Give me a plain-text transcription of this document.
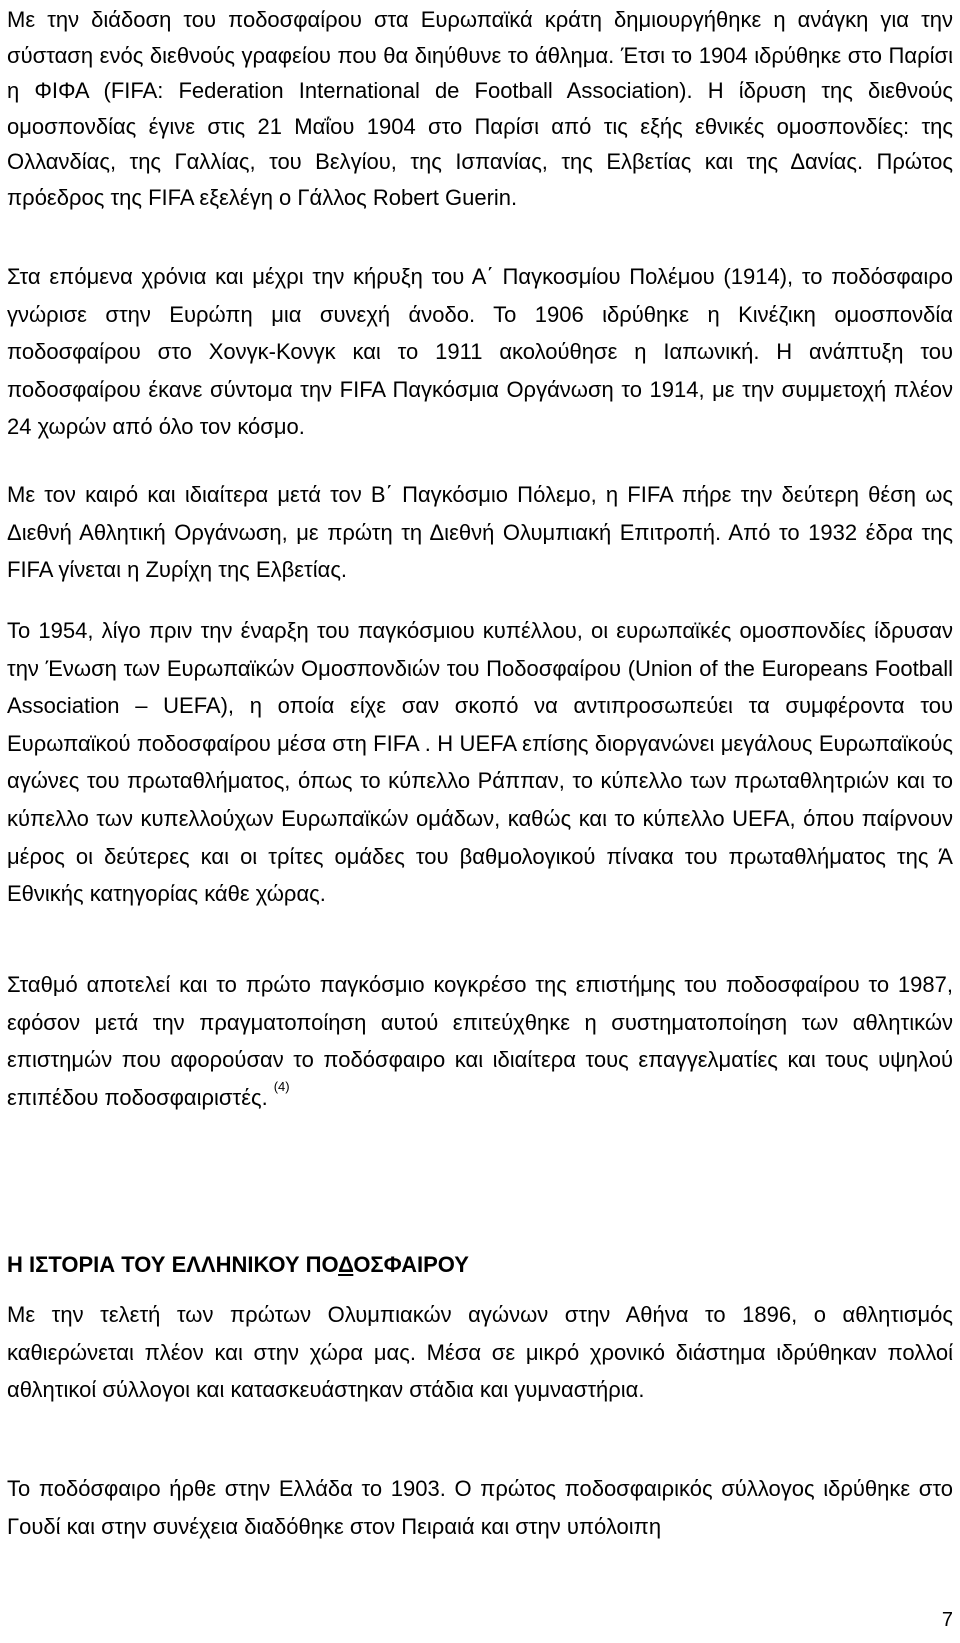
Με την διάδοση του ποδοσφαίρου στα Ευρωπαϊκά κράτη δημιουργήθηκε η ανάγκη για την σύσταση ενός διεθνούς γραφείου που θα διηύθυνε το άθλημα. Έτσι το 1904 ιδρύθηκε στο Παρίσι η ΦΙΦΑ (FIFA: Federation International de Football Association). Η ίδρυση της διεθνούς ομοσπονδίας έγινε στις 21 Μαΐου 1904 στο Παρίσι από τις εξής εθνικές ομοσπονδίες: της Ολλανδίας, της Γαλλίας, του Βελγίου, της Ισπανίας, της Ελβετίας και της Δανίας. Πρώτος πρόεδρος της FIFA εξελέγη ο Γάλλος Robert Guerin.

Στα επόμενα χρόνια και μέχρι την κήρυξη του Α΄ Παγκοσμίου Πολέμου (1914), το ποδόσφαιρο γνώρισε στην Ευρώπη μια συνεχή άνοδο. Το 1906 ιδρύθηκε η Κινέζικη ομοσπονδία ποδοσφαίρου στο Χονγκ-Κονγκ και το 1911 ακολούθησε η Ιαπωνική. Η ανάπτυξη του ποδοσφαίρου έκανε σύντομα την FIFA Παγκόσμια Οργάνωση το 1914, με την συμμετοχή πλέον 24 χωρών από όλο τον κόσμο.

Με τον καιρό και ιδιαίτερα μετά τον Β΄ Παγκόσμιο Πόλεμο, η FIFA πήρε την δεύτερη θέση ως Διεθνή Αθλητική Οργάνωση, με πρώτη τη Διεθνή Ολυμπιακή Επιτροπή. Από το 1932 έδρα της FIFA γίνεται η Ζυρίχη της Ελβετίας.

Το 1954, λίγο πριν την έναρξη του παγκόσμιου κυπέλλου, οι ευρωπαϊκές ομοσπονδίες ίδρυσαν την Ένωση των Ευρωπαϊκών Ομοσπονδιών του Ποδοσφαίρου (Union of the Europeans Football Association – UEFA), η οποία είχε σαν σκοπό να αντιπροσωπεύει τα συμφέροντα του Ευρωπαϊκού ποδοσφαίρου μέσα στη FIFA . Η UEFA επίσης διοργανώνει μεγάλους Ευρωπαϊκούς αγώνες του πρωταθλήματος, όπως το κύπελλο Ράππαν, το κύπελλο των πρωταθλητριών και το κύπελλο των κυπελλούχων Ευρωπαϊκών ομάδων, καθώς και το κύπελλο UEFA, όπου παίρνουν μέρος οι δεύτερες και οι τρίτες ομάδες του βαθμολογικού πίνακα του πρωταθλήματος της Ά Εθνικής κατηγορίας κάθε χώρας.

Σταθμό αποτελεί και το πρώτο παγκόσμιο κογκρέσο της επιστήμης του ποδοσφαίρου το 1987, εφόσον μετά την πραγματοποίηση αυτού επιτεύχθηκε η συστηματοποίηση των αθλητικών επιστημών που αφορούσαν το ποδόσφαιρο και ιδιαίτερα τους επαγγελματίες και τους υψηλού επιπέδου ποδοσφαιριστές. $^{(4)}$

Η ΙΣΤΟΡΙΑ ΤΟΥ ΕΛΛΗΝΙΚΟΥ ΠΟΔΟΣΦΑΙΡΟΥ

Με την τελετή των πρώτων Ολυμπιακών αγώνων στην Αθήνα το 1896, ο αθλητισμός καθιερώνεται πλέον και στην χώρα μας. Μέσα σε μικρό χρονικό διάστημα ιδρύθηκαν πολλοί αθλητικοί σύλλογοι και κατασκευάστηκαν στάδια και γυμναστήρια.

Το ποδόσφαιρο ήρθε στην Ελλάδα το 1903. Ο πρώτος ποδοσφαιρικός σύλλογος ιδρύθηκε στο Γουδί και στην συνέχεια διαδόθηκε στον Πειραιά και στην υπόλοιπη

7
